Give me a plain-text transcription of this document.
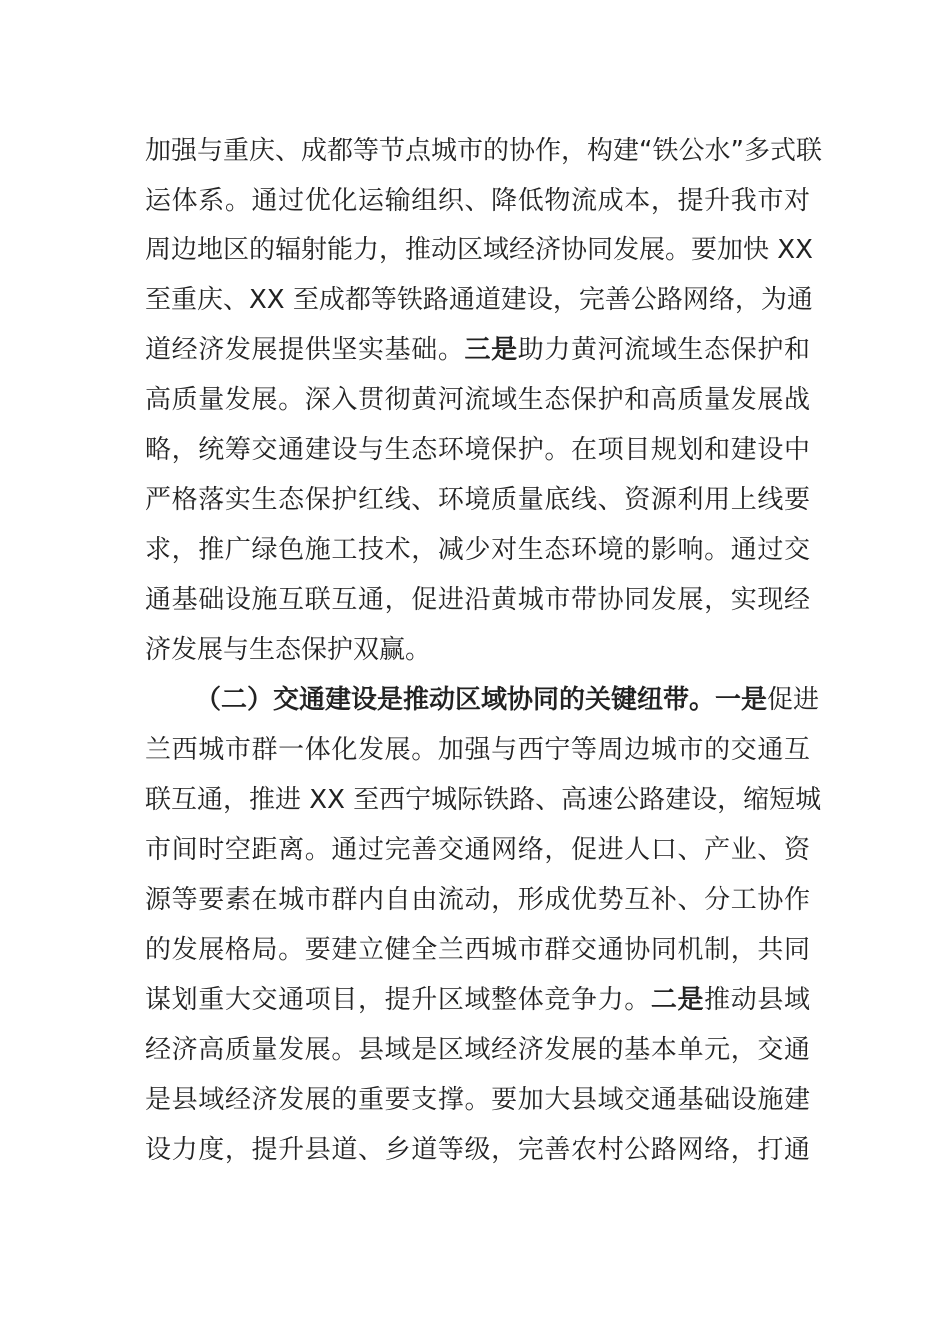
加强与重庆、成都等节点城市的协作，构建“铁公水”多式联
运体系。通过优化运输组织、降低物流成本，提升我市对
周边地区的辐射能力，推动区域经济协同发展。要加快 XX
至重庆、XX 至成都等铁路通道建设，完善公路网络，为通
道经济发展提供坚实基础。三是助力黄河流域生态保护和
高质量发展。深入贯彻黄河流域生态保护和高质量发展战
略，统筹交通建设与生态环境保护。在项目规划和建设中
严格落实生态保护红线、环境质量底线、资源利用上线要
求，推广绿色施工技术，减少对生态环境的影响。通过交
通基础设施互联互通，促进沿黄城市带协同发展，实现经
济发展与生态保护双赢。
（二）交通建设是推动区域协同的关键纽带。一是促进
兰西城市群一体化发展。加强与西宁等周边城市的交通互
联互通，推进 XX 至西宁城际铁路、高速公路建设，缩短城
市间时空距离。通过完善交通网络，促进人口、产业、资
源等要素在城市群内自由流动，形成优势互补、分工协作
的发展格局。要建立健全兰西城市群交通协同机制，共同
谋划重大交通项目，提升区域整体竞争力。二是推动县域
经济高质量发展。县域是区域经济发展的基本单元，交通
是县域经济发展的重要支撑。要加大县域交通基础设施建
设力度，提升县道、乡道等级，完善农村公路网络，打通
